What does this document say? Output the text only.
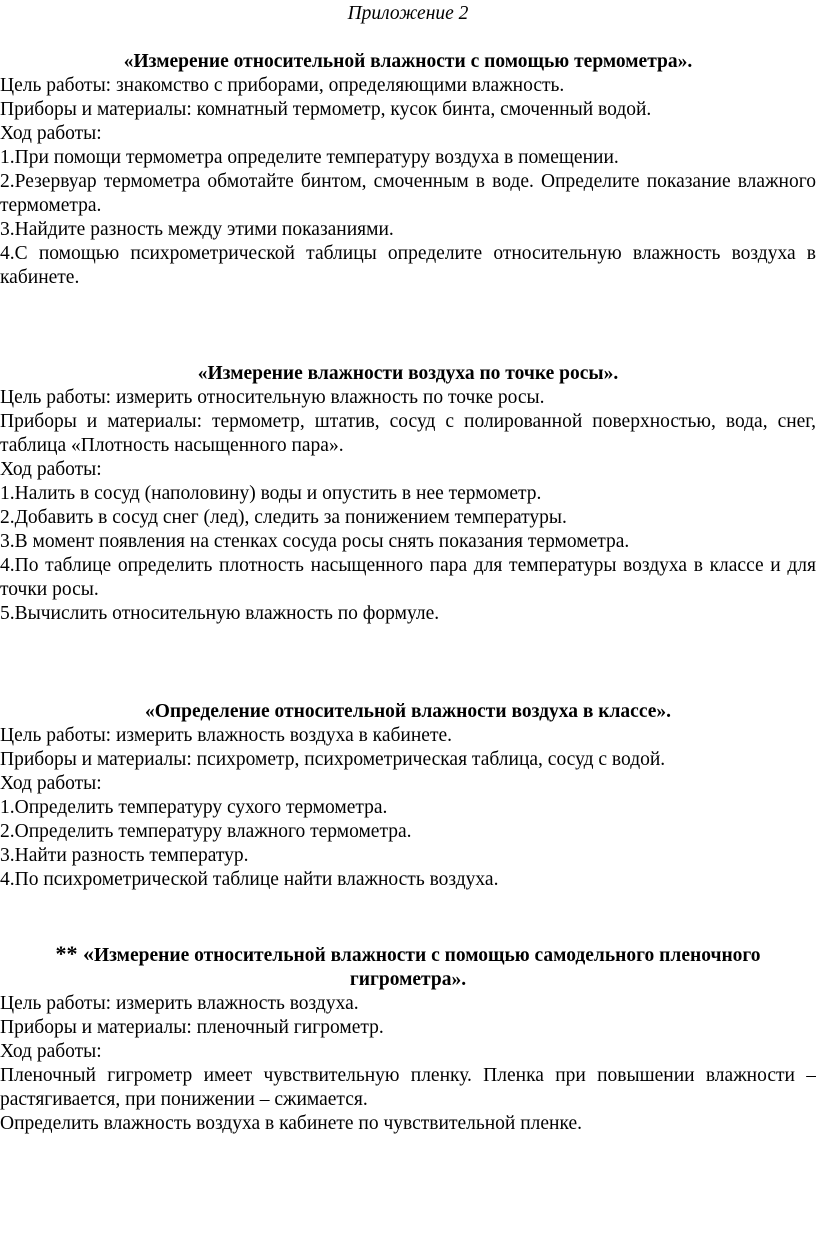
Приложение 2

«Измерение относительной влажности с помощью термометра».

Цель работы: знакомство с приборами, определяющими влажность.

Приборы и материалы: комнатный термометр, кусок бинта, смоченный водой.

Ход работы:

1.При помощи термометра определите температуру воздуха в помещении.

2.Резервуар термометра обмотайте бинтом, смоченным в воде. Определите показание влажного термометра.

3.Найдите разность между этими показаниями.

4.С помощью психрометрической таблицы определите относительную влажность воздуха в кабинете.

«Измерение влажности воздуха по точке росы».

Цель работы: измерить относительную влажность по точке росы.

Приборы и материалы: термометр, штатив, сосуд с полированной поверхностью, вода, снег, таблица «Плотность насыщенного пара».

Ход работы:

1.Налить в сосуд (наполовину) воды и опустить в нее термометр.

2.Добавить в сосуд снег (лед), следить за понижением температуры.

3.В момент появления на стенках сосуда росы снять показания термометра.

4.По таблице определить плотность насыщенного пара для температуры воздуха в классе и для точки росы.

5.Вычислить относительную влажность по формуле.

«Определение относительной влажности воздуха в классе».

Цель работы: измерить влажность воздуха в кабинете.

Приборы и материалы: психрометр, психрометрическая таблица, сосуд с водой.

Ход работы:

1.Определить температуру сухого термометра.

2.Определить температуру влажного термометра.

3.Найти разность температур.

4.По психрометрической таблице найти влажность воздуха.

** «Измерение относительной влажности с помощью самодельного пленочного гигрометра».

Цель работы: измерить влажность воздуха.

Приборы и материалы: пленочный гигрометр.

Ход работы:

Пленочный гигрометр имеет чувствительную пленку. Пленка при повышении влажности – растягивается, при понижении – сжимается.

Определить влажность воздуха в кабинете по чувствительной пленке.
